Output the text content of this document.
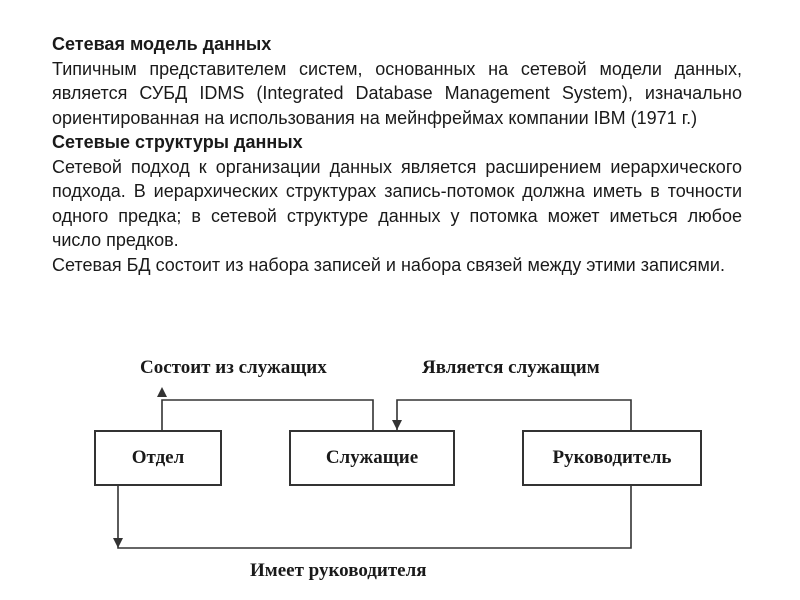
Сетевая модель данных
Типичным представителем систем, основанных на сетевой модели данных, является СУБД IDMS (Integrated Database Management System), изначально ориентированная на использования на мейнфреймах компании IBM (1971 г.)
Сетевые структуры данных
Сетевой подход к организации данных является расширением иерархического подхода. В иерархических структурах запись-потомок должна иметь в точности одного предка; в сетевой структуре данных у потомка может иметься любое число предков.
Сетевая БД состоит из набора записей и набора связей между этими записями.
Состоит из служащих	Является служащим
Имеет руководителя
Отдел	Служащие	Руководитель
